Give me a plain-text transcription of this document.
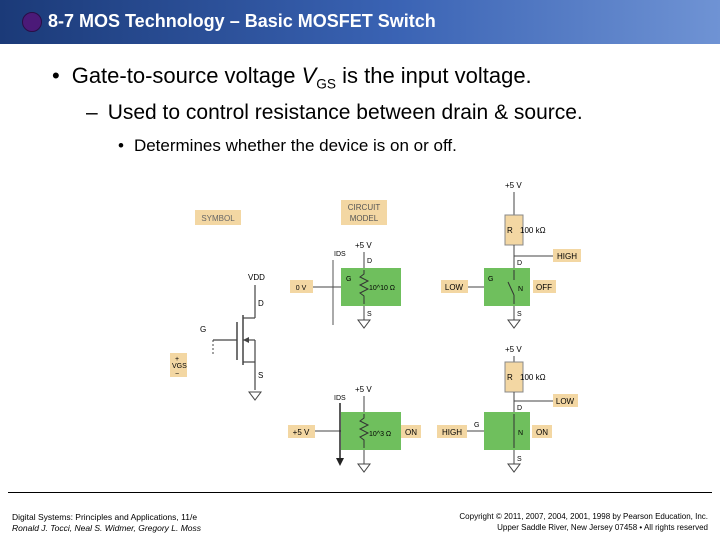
8-7 MOS Technology – Basic MOSFET Switch
• Gate-to-source voltage $V_{GS}$ is the input voltage.
– Used to control resistance between drain & source.
• Determines whether the device is on or off.
SYMBOL
VDD
D
G
S
+
VGS
−
CIRCUIT
MODEL
+5 V
IDS
D
G
10^10 Ω
S
0 V
+5 V
R 100 kΩ
HIGH
D
G
N OFF
LOW
S
+5 V
IDS
10^3 Ω ON
+5 V
+5 V
R 100 kΩ
LOW
D
G
N ON
HIGH
S
Digital Systems: Principles and Applications, 11/e
Ronald J. Tocci, Neal S. Widmer, Gregory L. Moss
Copyright © 2011, 2007, 2004, 2001, 1998 by Pearson Education, Inc.
Upper Saddle River, New Jersey 07458 • All rights reserved
